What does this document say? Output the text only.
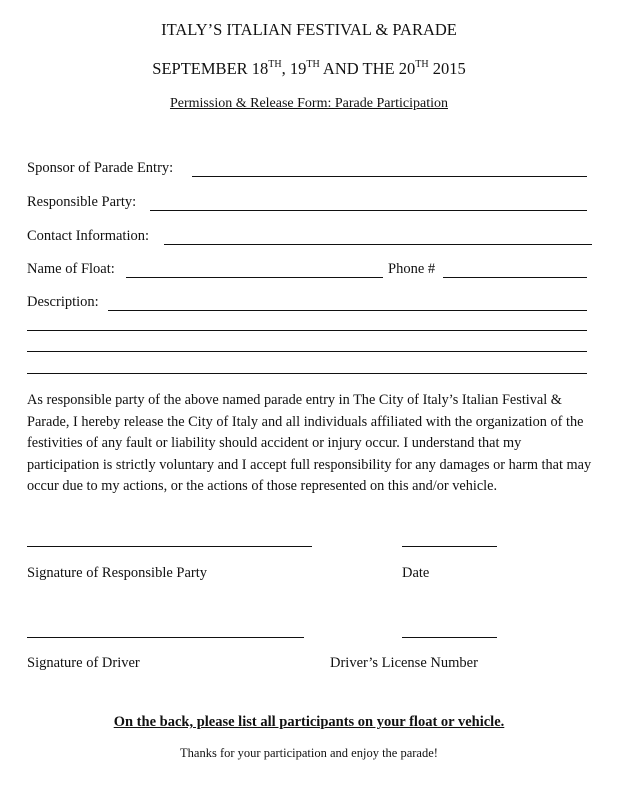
ITALY’S ITALIAN FESTIVAL & PARADE
SEPTEMBER 18TH, 19TH AND THE 20TH 2015
Permission & Release Form: Parade Participation
Sponsor of Parade Entry:
Responsible Party:
Contact Information:
Name of Float:	Phone #
Description:
As responsible party of the above named parade entry in The City of Italy’s Italian Festival & Parade, I hereby release the City of Italy and all individuals affiliated with the organization of the festivities of any fault or liability should accident or injury occur. I understand that my participation is strictly voluntary and I accept full responsibility for any damages or harm that may occur due to my actions, or the actions of those represented on this and/or vehicle.
Signature of Responsible Party	Date
Signature of Driver	Driver’s License Number
On the back, please list all participants on your float or vehicle.
Thanks for your participation and enjoy the parade!
